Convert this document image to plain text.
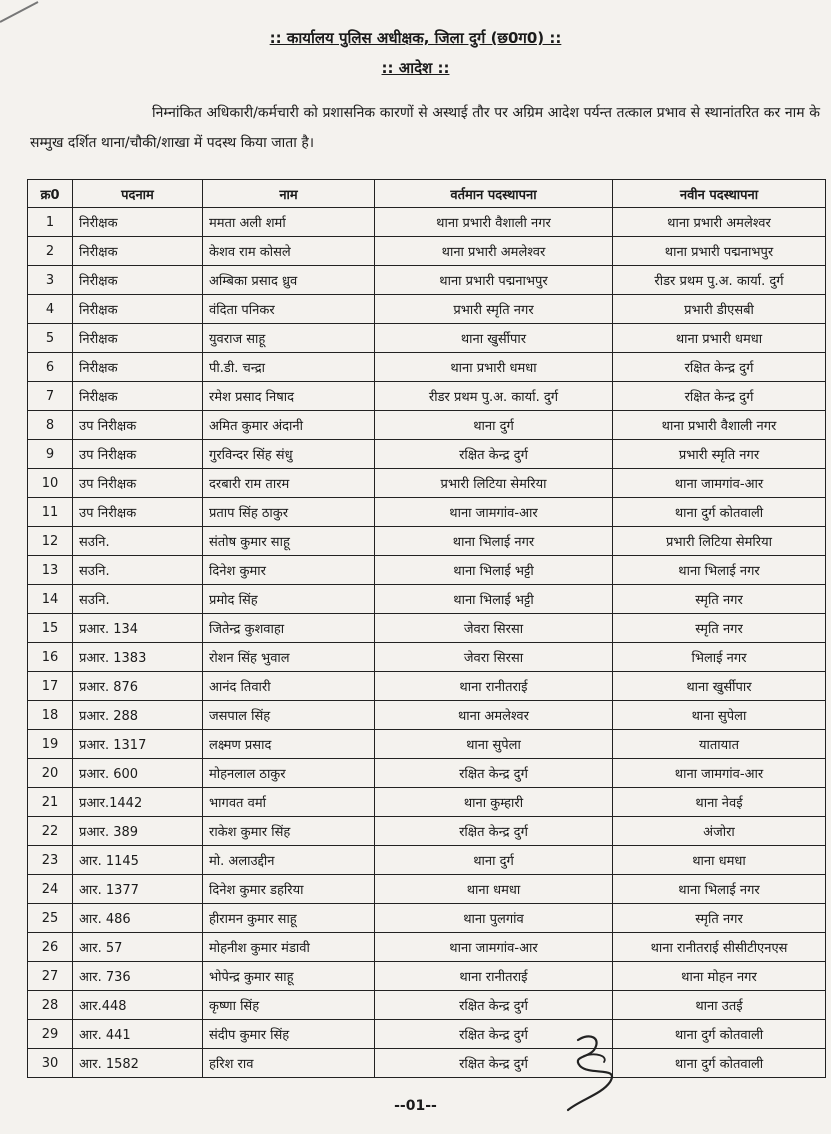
:: कार्यालय पुलिस अधीक्षक, जिला दुर्ग (छ0ग0) ::
:: आदेश ::
निम्नांकित अधिकारी/कर्मचारी को प्रशासनिक कारणों से अस्थाई तौर पर अग्रिम आदेश पर्यन्त तत्काल प्रभाव से स्थानांतरित कर नाम के सम्मुख दर्शित थाना/चौकी/शाखा में पदस्थ किया जाता है।
क्र0	पदनाम	नाम	वर्तमान पदस्थापना	नवीन पदस्थापना
1	निरीक्षक	ममता अली शर्मा	थाना प्रभारी वैशाली नगर	थाना प्रभारी अमलेश्वर
2	निरीक्षक	केशव राम कोसले	थाना प्रभारी अमलेश्वर	थाना प्रभारी पद्मनाभपुर
3	निरीक्षक	अम्बिका प्रसाद ध्रुव	थाना प्रभारी पद्मनाभपुर	रीडर प्रथम पु.अ. कार्या. दुर्ग
4	निरीक्षक	वंदिता पनिकर	प्रभारी स्मृति नगर	प्रभारी डीएसबी
5	निरीक्षक	युवराज साहू	थाना खुर्सीपार	थाना प्रभारी धमधा
6	निरीक्षक	पी.डी. चन्द्रा	थाना प्रभारी धमधा	रक्षित केन्द्र दुर्ग
7	निरीक्षक	रमेश प्रसाद निषाद	रीडर प्रथम पु.अ. कार्या. दुर्ग	रक्षित केन्द्र दुर्ग
8	उप निरीक्षक	अमित कुमार अंदानी	थाना दुर्ग	थाना प्रभारी वैशाली नगर
9	उप निरीक्षक	गुरविन्दर सिंह संधु	रक्षित केन्द्र दुर्ग	प्रभारी स्मृति नगर
10	उप निरीक्षक	दरबारी राम तारम	प्रभारी लिटिया सेमरिया	थाना जामगांव-आर
11	उप निरीक्षक	प्रताप सिंह ठाकुर	थाना जामगांव-आर	थाना दुर्ग कोतवाली
12	सउनि.	संतोष कुमार साहू	थाना भिलाई नगर	प्रभारी लिटिया सेमरिया
13	सउनि.	दिनेश कुमार	थाना भिलाई भट्टी	थाना भिलाई नगर
14	सउनि.	प्रमोद सिंह	थाना भिलाई भट्टी	स्मृति नगर
15	प्रआर. 134	जितेन्द्र कुशवाहा	जेवरा सिरसा	स्मृति नगर
16	प्रआर. 1383	रोशन सिंह भुवाल	जेवरा सिरसा	भिलाई नगर
17	प्रआर. 876	आनंद तिवारी	थाना रानीतराई	थाना खुर्सीपार
18	प्रआर. 288	जसपाल सिंह	थाना अमलेश्वर	थाना सुपेला
19	प्रआर. 1317	लक्ष्मण प्रसाद	थाना सुपेला	यातायात
20	प्रआर. 600	मोहनलाल ठाकुर	रक्षित केन्द्र दुर्ग	थाना जामगांव-आर
21	प्रआर.1442	भागवत वर्मा	थाना कुम्हारी	थाना नेवई
22	प्रआर. 389	राकेश कुमार सिंह	रक्षित केन्द्र दुर्ग	अंजोरा
23	आर. 1145	मो. अलाउद्दीन	थाना दुर्ग	थाना धमधा
24	आर. 1377	दिनेश कुमार डहरिया	थाना धमधा	थाना भिलाई नगर
25	आर. 486	हीरामन कुमार साहू	थाना पुलगांव	स्मृति नगर
26	आर. 57	मोहनीश कुमार मंडावी	थाना जामगांव-आर	थाना रानीतराई सीसीटीएनएस
27	आर. 736	भोपेन्द्र कुमार साहू	थाना रानीतराई	थाना मोहन नगर
28	आर.448	कृष्णा सिंह	रक्षित केन्द्र दुर्ग	थाना उतई
29	आर. 441	संदीप कुमार सिंह	रक्षित केन्द्र दुर्ग	थाना दुर्ग कोतवाली
30	आर. 1582	हरिश राव	रक्षित केन्द्र दुर्ग	थाना दुर्ग कोतवाली
--01--
